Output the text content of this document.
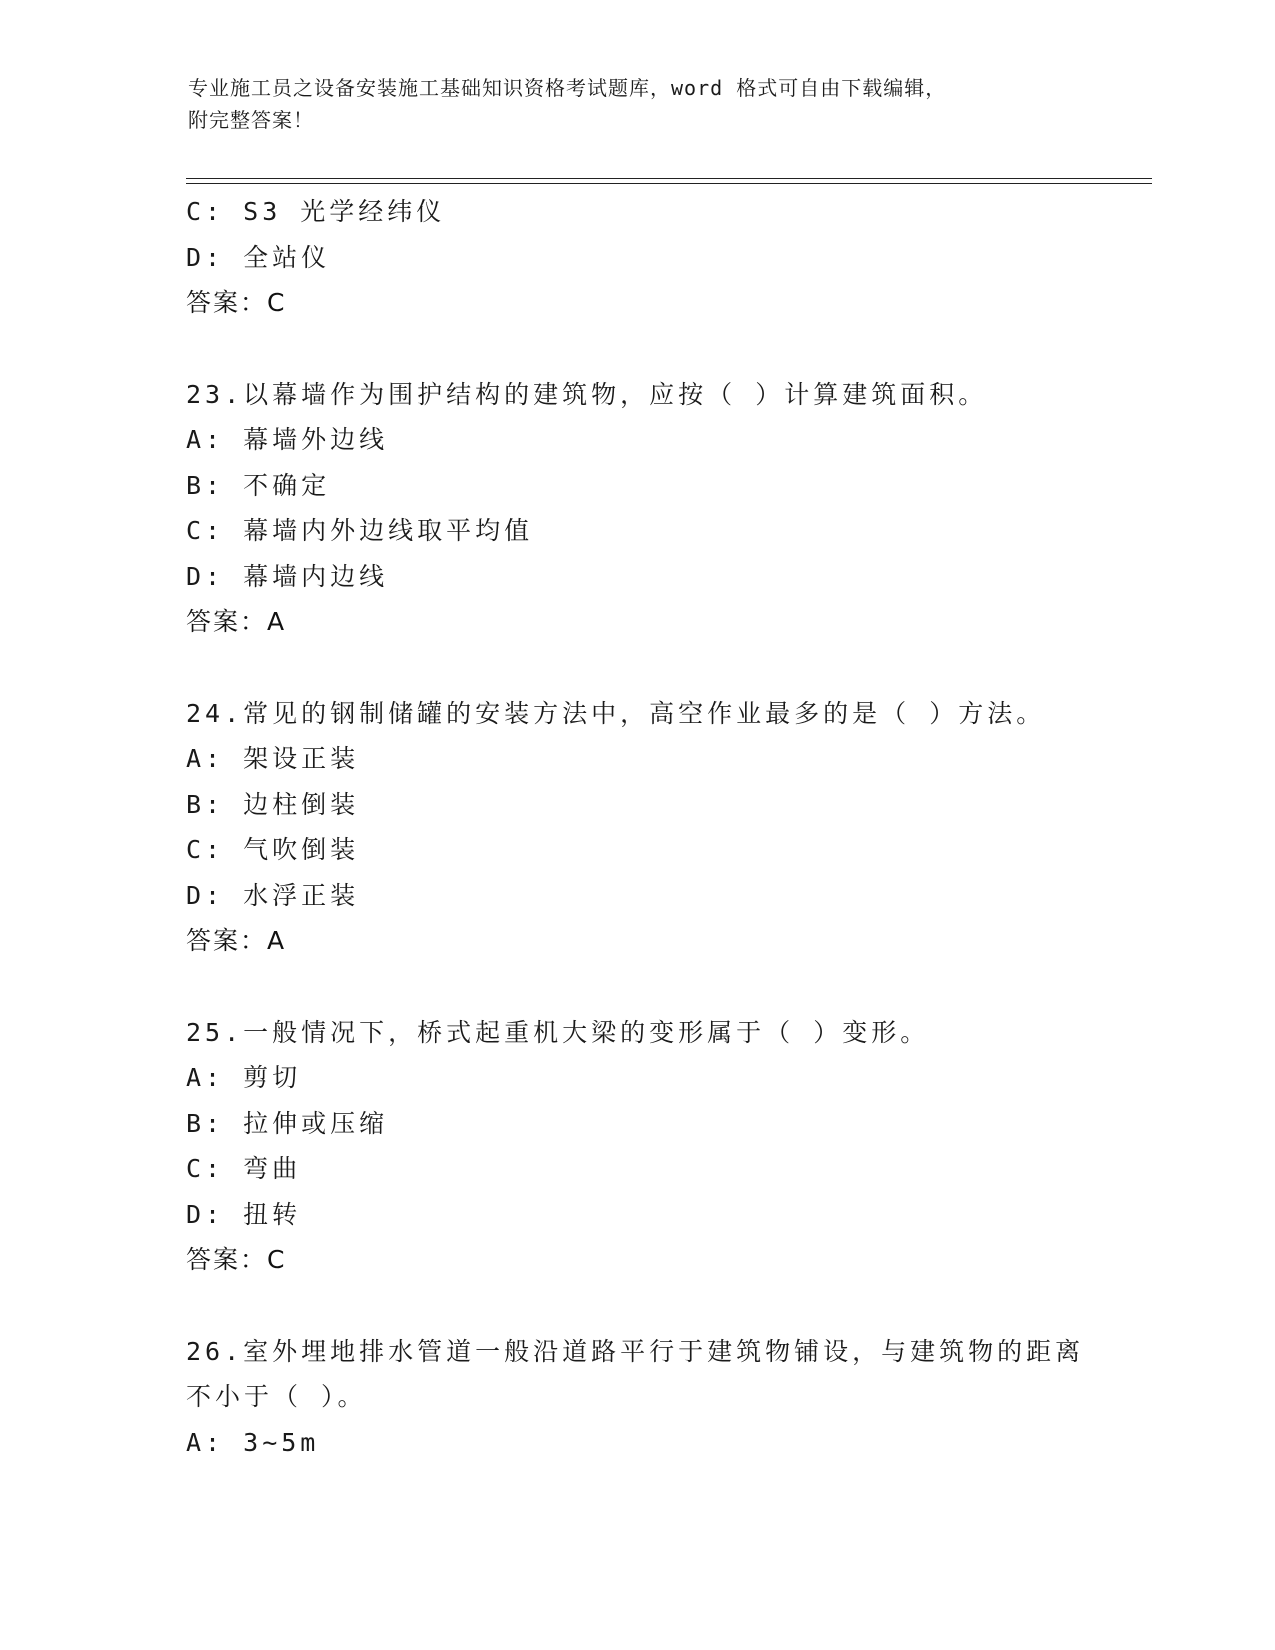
专业施工员之设备安装施工基础知识资格考试题库，word 格式可自由下载编辑，
附完整答案！
C: S3 光学经纬仪
D: 全站仪
答案：C
23.以幕墙作为围护结构的建筑物，应按（ ）计算建筑面积。
A: 幕墙外边线
B: 不确定
C: 幕墙内外边线取平均值
D: 幕墙内边线
答案：A
24.常见的钢制储罐的安装方法中，高空作业最多的是（ ）方法。
A: 架设正装
B: 边柱倒装
C: 气吹倒装
D: 水浮正装
答案：A
25.一般情况下，桥式起重机大梁的变形属于（ ）变形。
A: 剪切
B: 拉伸或压缩
C: 弯曲
D: 扭转
答案：C
26.室外埋地排水管道一般沿道路平行于建筑物铺设，与建筑物的距离
不小于（ ）。
A: 3~5m
